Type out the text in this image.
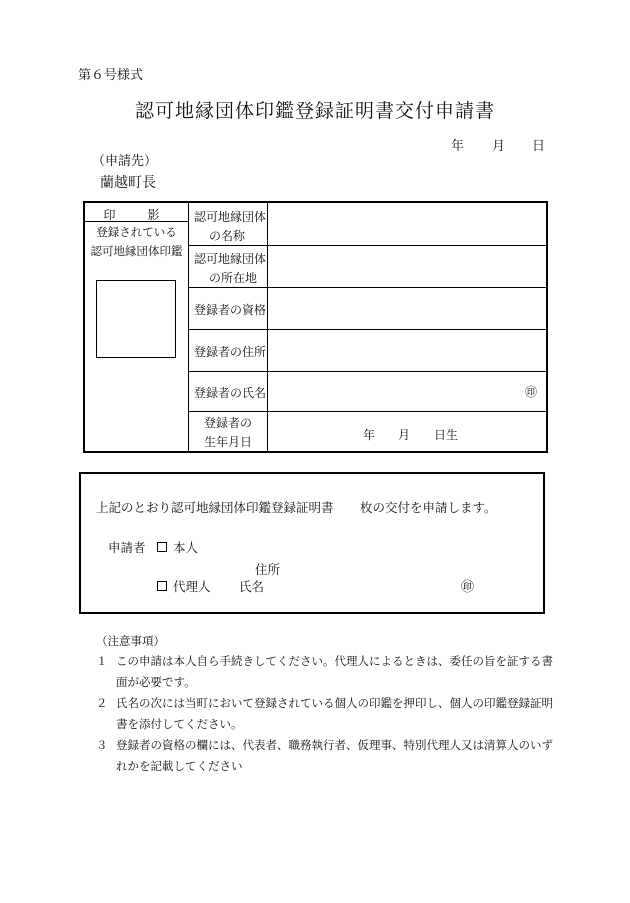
第６号様式
認可地縁団体印鑑登録証明書交付申請書
年 月 日
（申請先）
蘭越町長
印　影
登録されている
認可地縁団体印鑑
認可地縁団体
の名称
認可地縁団体
の所在地
登録者の資格
登録者の住所
登録者の氏名	㊞
登録者の
生年月日	年 月 日生
上記のとおり認可地縁団体印鑑登録証明書 枚の交付を申請します。
申請者	本人
住所
代理人 氏名	㊞
（注意事項）
１ この申請は本人自ら手続きしてください。代理人によるときは、委任の旨を証する書面が必要です。
２ 氏名の次には当町において登録されている個人の印鑑を押印し、個人の印鑑登録証明書を添付してください。
３ 登録者の資格の欄には、代表者、職務執行者、仮理事、特別代理人又は清算人のいずれかを記載してください
